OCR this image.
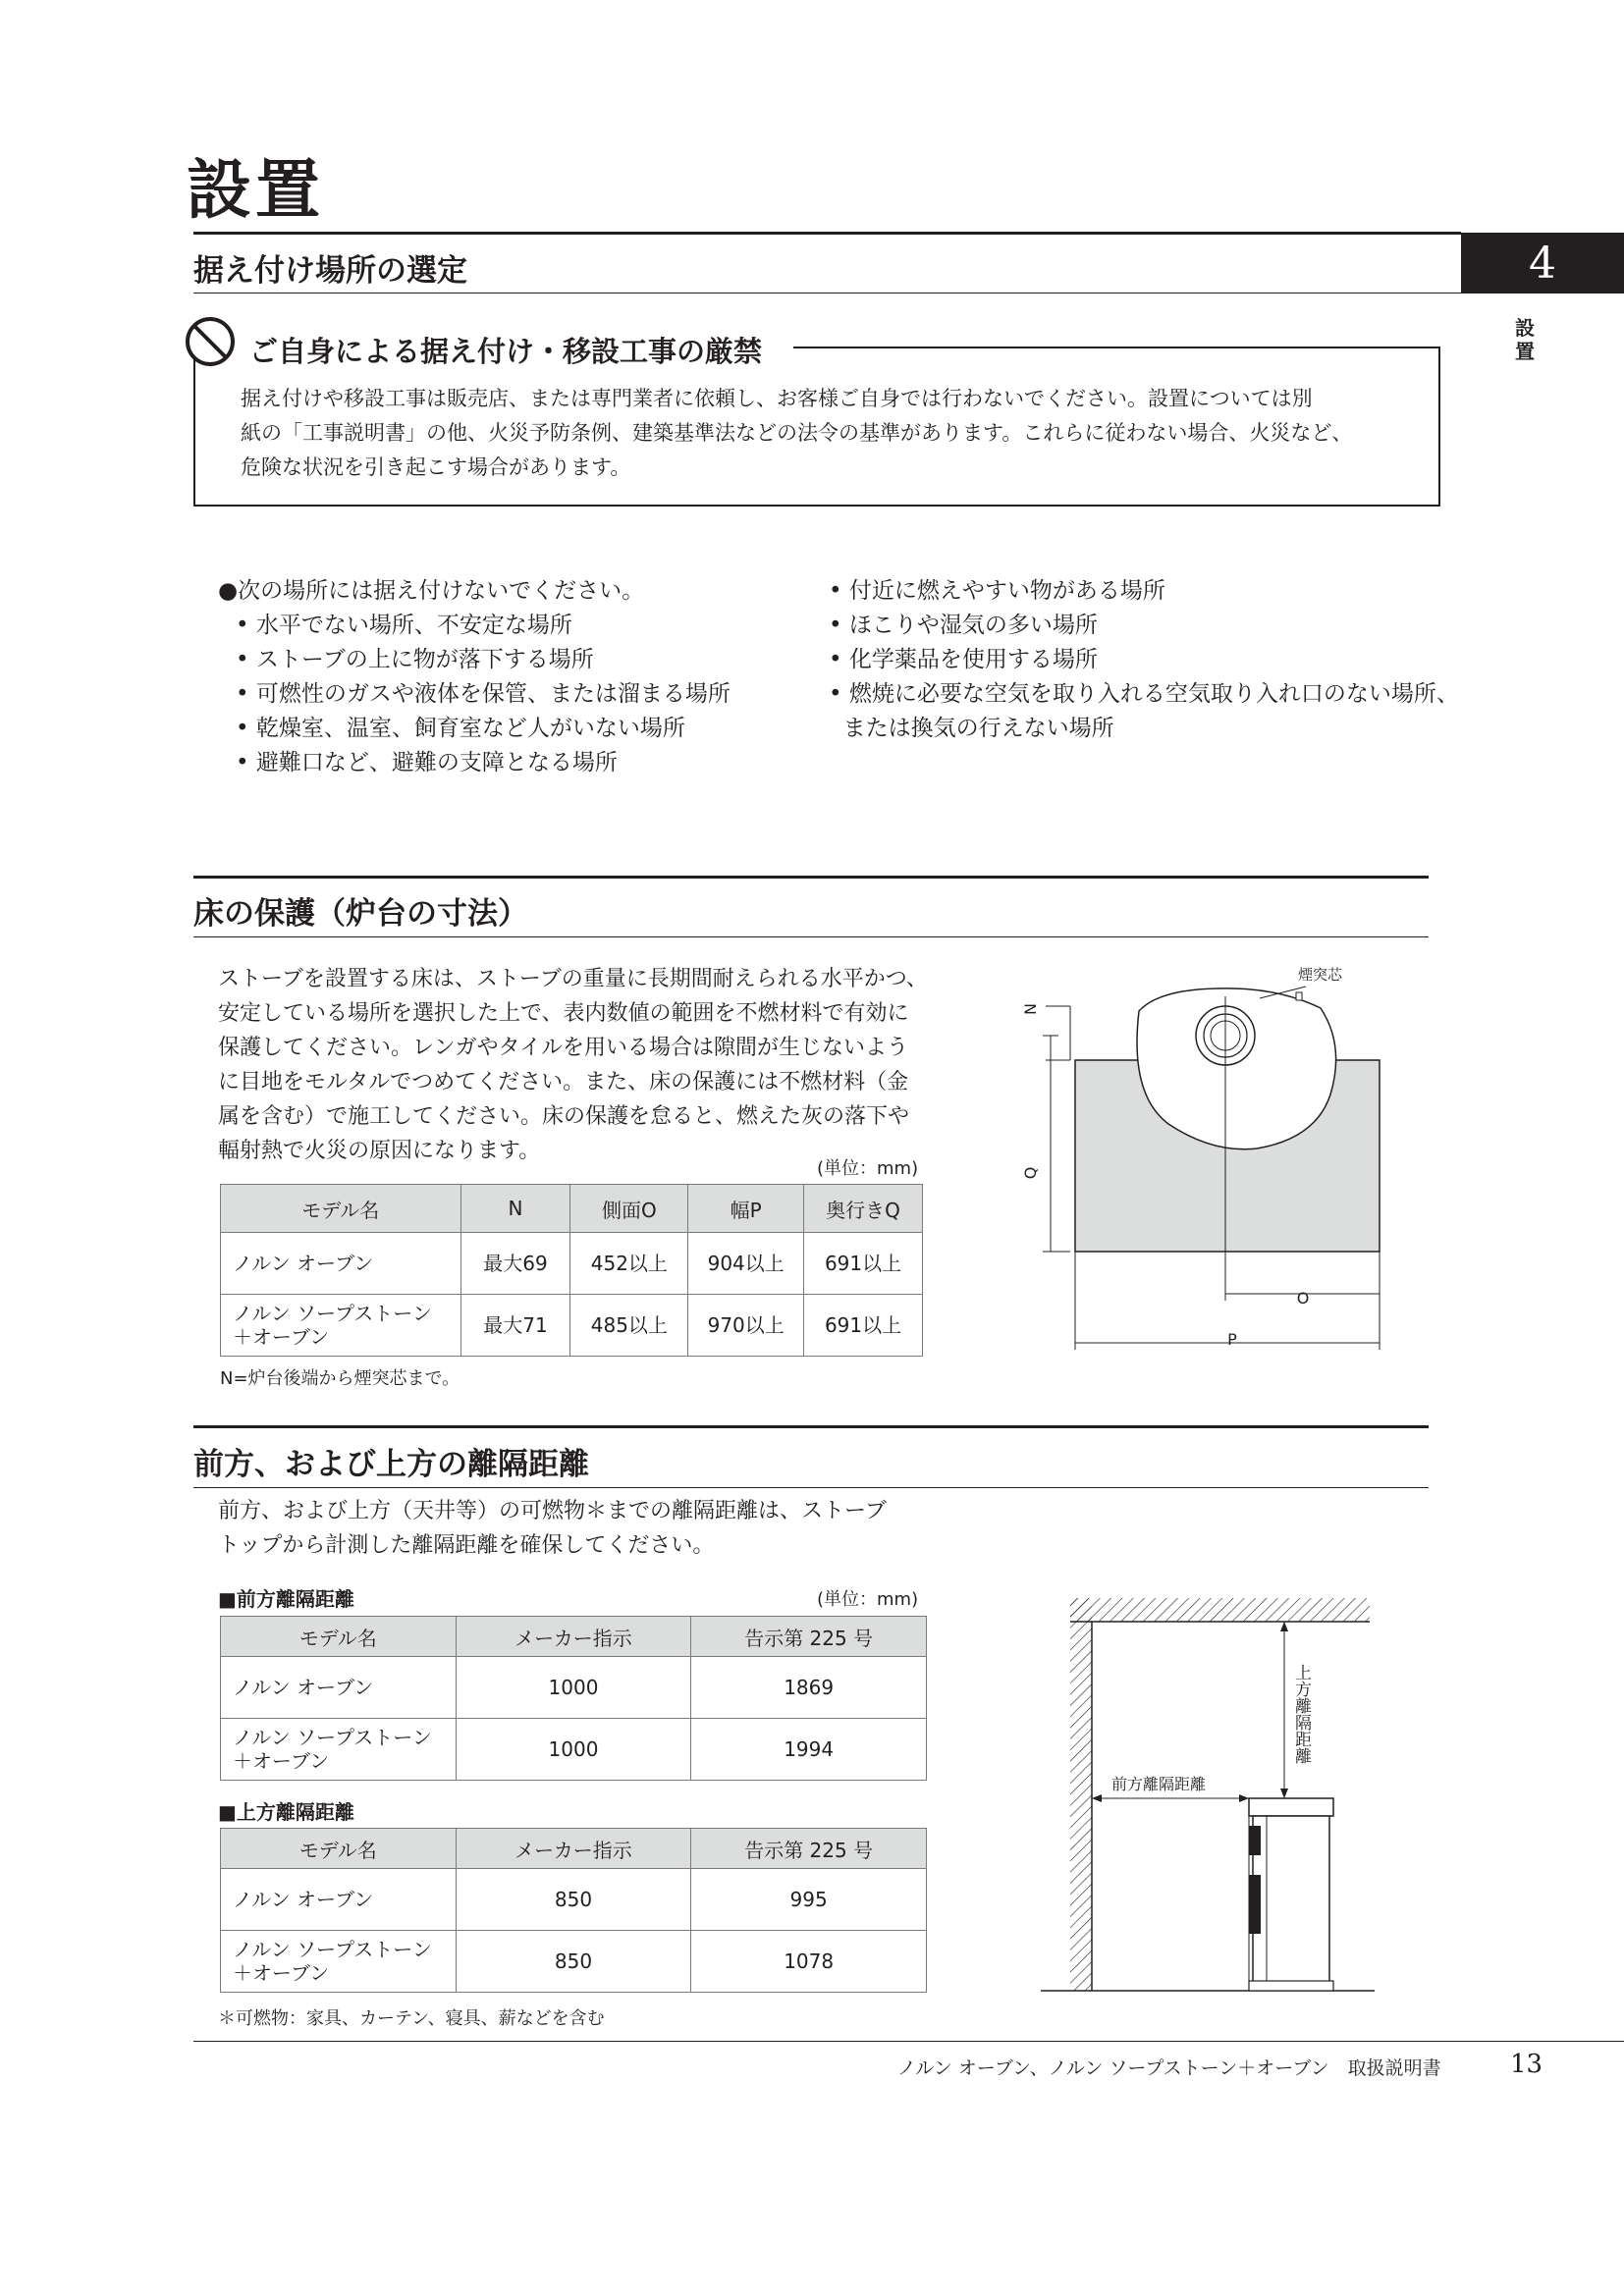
設置
4
設置
据え付け場所の選定
ご自身による据え付け・移設工事の厳禁
据え付けや移設工事は販売店、または専門業者に依頼し、お客様ご自身では行わないでください。設置については別
紙の「工事説明書」の他、火災予防条例、建築基準法などの法令の基準があります。これらに従わない場合、火災など、
危険な状況を引き起こす場合があります。
●次の場所には据え付けないでください。
• 水平でない場所、不安定な場所
• ストーブの上に物が落下する場所
• 可燃性のガスや液体を保管、または溜まる場所
• 乾燥室、温室、飼育室など人がいない場所
• 避難口など、避難の支障となる場所
• 付近に燃えやすい物がある場所
• ほこりや湿気の多い場所
• 化学薬品を使用する場所
• 燃焼に必要な空気を取り入れる空気取り入れ口のない場所、
または換気の行えない場所
床の保護（炉台の寸法）
ストーブを設置する床は、ストーブの重量に長期間耐えられる水平かつ、
安定している場所を選択した上で、表内数値の範囲を不燃材料で有効に
保護してください。レンガやタイルを用いる場合は隙間が生じないよう
に目地をモルタルでつめてください。また、床の保護には不燃材料（金
属を含む）で施工してください。床の保護を怠ると、燃えた灰の落下や
輻射熱で火災の原因になります。
(単位：mm)
モデル名	N	側面O	幅P	奥行きQ
ノルン オーブン	最大69	452以上	904以上	691以上

ノルン ソープストーン
＋オーブン	最大71	485以上	970以上	691以上
N=炉台後端から煙突芯まで。
煙突芯
N
Q
O
P
前方、および上方の離隔距離
前方、および上方（天井等）の可燃物＊までの離隔距離は、ストーブ
トップから計測した離隔距離を確保してください。
■前方離隔距離	(単位：mm)
モデル名	メーカー指示	告示第 225 号
ノルン オーブン	1000	1869

ノルン ソープストーン
＋オーブン	1000	1994
■上方離隔距離
モデル名	メーカー指示	告示第 225 号
ノルン オーブン	850	995

ノルン ソープストーン
＋オーブン	850	1078
＊可燃物：家具、カーテン、寝具、薪などを含む
前方離隔距離
上方離隔距離
ノルン オーブン、ノルン ソープストーン＋オーブン　取扱説明書	13
